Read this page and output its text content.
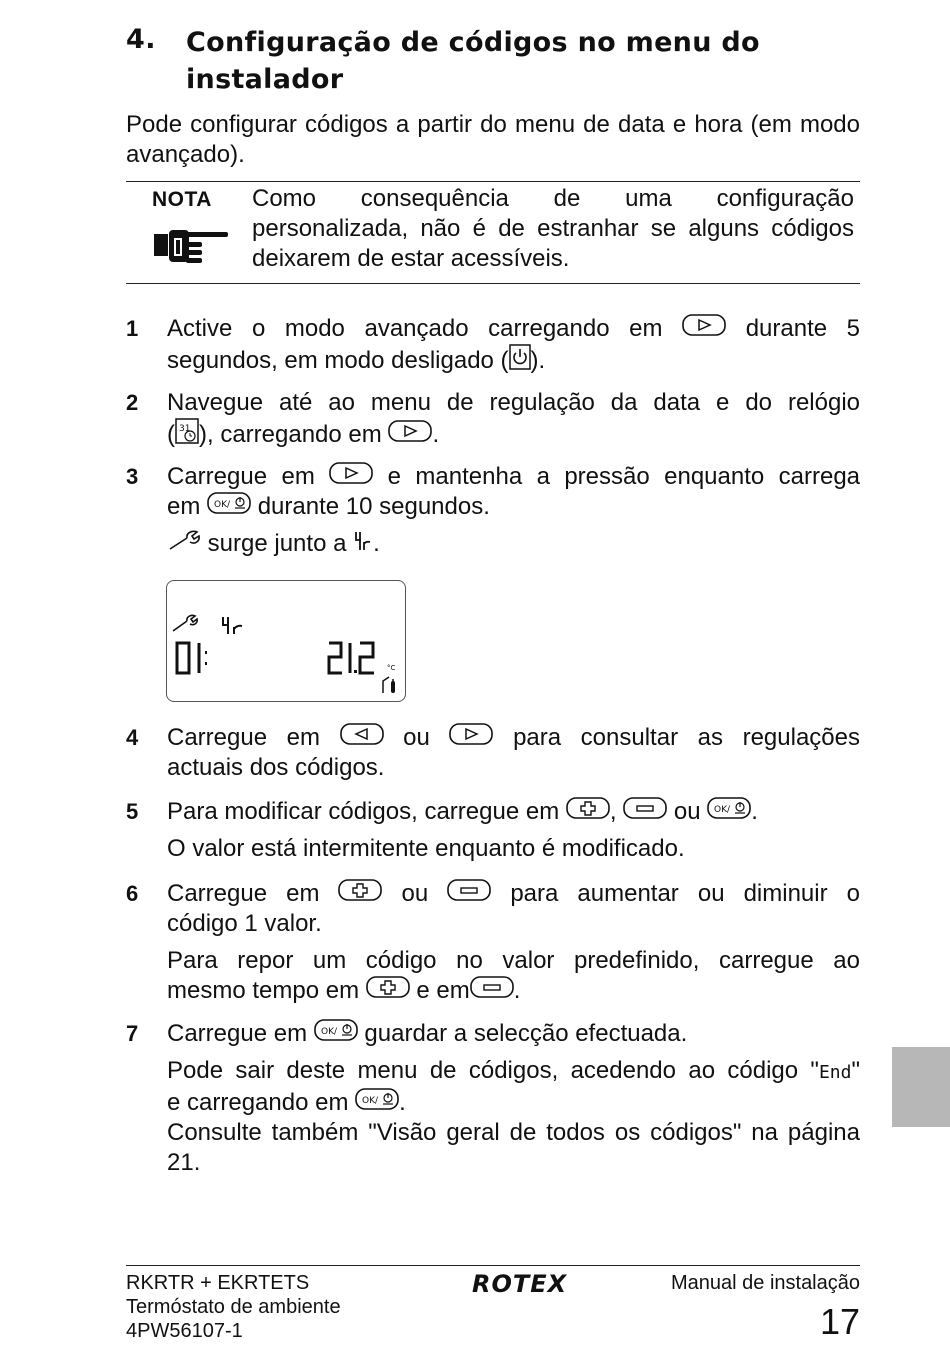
4. Configuração de códigos no menu do instalador
Pode configurar códigos a partir do menu de data e hora (em modo avançado).
NOTA Como consequência de uma configuração personalizada, não é de estranhar se alguns códigos deixarem de estar acessíveis.
1 Active o modo avançado carregando em	durante 5
segundos, em modo desligado ( ).
2 Navegue até ao menu de regulação da data e do relógio
( 31 ), carregando em .
3 Carregue em	e mantenha a pressão enquanto carrega
em OK/ durante 10 segundos.
surge junto a .
°C
4 Carregue em	ou	para consultar as regulações
actuais dos códigos.
5 Para modificar códigos, carregue em , ou OK/ .
O valor está intermitente enquanto é modificado.
6 Carregue em	ou	para aumentar ou diminuir o
código 1 valor.
Para repor um código no valor predefinido, carregue ao
mesmo tempo em e em .
7 Carregue em OK/ guardar a selecção efectuada.
Pode sair deste menu de códigos, acedendo ao código "End"
e carregando em OK/ .
Consulte também "Visão geral de todos os códigos" na página 21.
RKRTR + EKRTETS
Termóstato de ambiente
4PW56107-1
ROTEX	Manual de instalação
17
